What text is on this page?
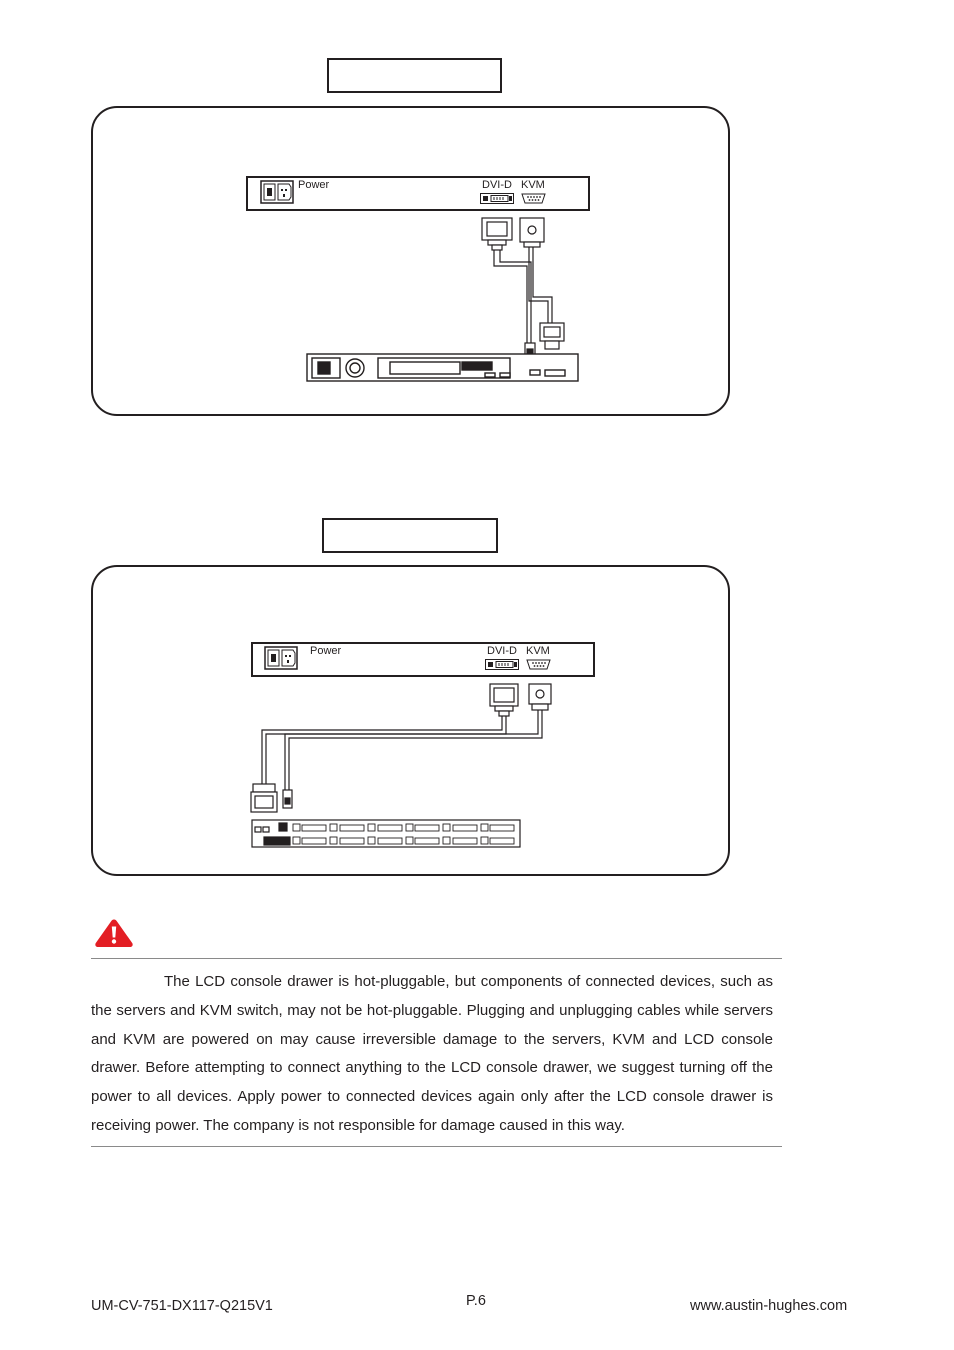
Power	DVI-D KVM
Power	DVI-D KVM
The LCD console drawer is hot-pluggable, but components of connected devices, such as the servers and KVM switch, may not be hot-pluggable. Plugging and unplugging cables while servers and KVM are powered on may cause irreversible damage to the servers, KVM and LCD console drawer. Before attempting to connect anything to the LCD console drawer, we suggest turning off the power to all devices. Apply power to connected devices again only after the LCD console drawer is receiving power. The company is not responsible for damage caused in this way.
UM-CV-751-DX117-Q215V1	P.6	www.austin-hughes.com
